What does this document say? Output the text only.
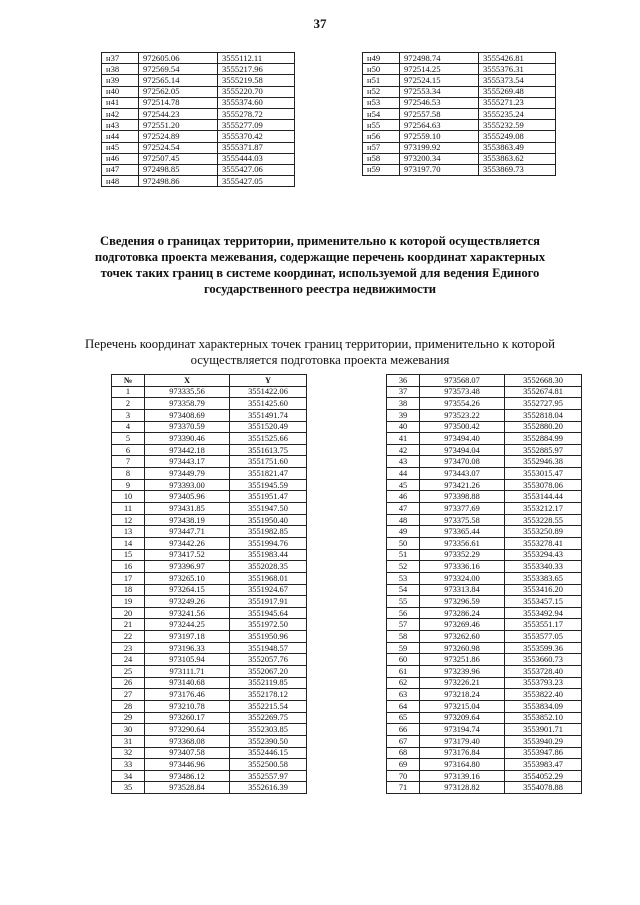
37
н37	972605.06	3555112.11
н38	972569.54	3555217.96
н39	972565.14	3555219.58
н40	972562.05	3555220.70
н41	972514.78	3555374.60
н42	972544.23	3555278.72
н43	972551.20	3555277.09
н44	972524.89	3555370.42
н45	972524.54	3555371.87
н46	972507.45	3555444.03
н47	972498.85	3555427.06
н48	972498.86	3555427.05
н49	972498.74	3555426.81
н50	972514.25	3555376.31
н51	972524.15	3555373.54
н52	972553.34	3555269.48
н53	972546.53	3555271.23
н54	972557.58	3555235.24
н55	972564.63	3555232.59
н56	972559.10	3555249.08
н57	973199.92	3553863.49
н58	973200.34	3553863.62
н59	973197.70	3553869.73
Сведения о границах территории, применительно к которой осуществляется подготовка проекта межевания, содержащие перечень координат характерных точек таких границ в системе координат, используемой для ведения Единого государственного реестра недвижимости
Перечень координат характерных точек границ территории, применительно к которой осуществляется подготовка проекта межевания
№	X	Y
1	973335.56	3551422.06
2	973358.79	3551425.60
3	973408.69	3551491.74
4	973370.59	3551520.49
5	973390.46	3551525.66
6	973442.18	3551613.75
7	973443.17	3551751.60
8	973449.79	3551821.47
9	973393.00	3551945.59
10	973405.96	3551951.47
11	973431.85	3551947.50
12	973438.19	3551950.40
13	973447.71	3551982.85
14	973442.26	3551994.76
15	973417.52	3551983.44
16	973396.97	3552028.35
17	973265.10	3551968.01
18	973264.15	3551924.67
19	973249.26	3551917.91
20	973241.56	3551945.64
21	973244.25	3551972.50
22	973197.18	3551950.96
23	973196.33	3551948.57
24	973105.94	3552057.76
25	973111.71	3552067.20
26	973140.68	3552119.85
27	973176.46	3552178.12
28	973210.78	3552215.54
29	973260.17	3552269.75
30	973290.64	3552303.85
31	973368.08	3552390.50
32	973407.58	3552446.15
33	973446.96	3552500.58
34	973486.12	3552557.97
35	973528.84	3552616.39
36	973568.07	3552668.30
37	973573.48	3552674.81
38	973554.26	3552727.95
39	973523.22	3552818.04
40	973500.42	3552880.20
41	973494.40	3552884.99
42	973494.04	3552885.97
43	973470.08	3552946.38
44	973443.07	3553015.47
45	973421.26	3553078.06
46	973398.88	3553144.44
47	973377.69	3553212.17
48	973375.58	3553228.55
49	973365.44	3553250.89
50	973356.61	3553278.41
51	973352.29	3553294.43
52	973336.16	3553340.33
53	973324.00	3553383.65
54	973313.84	3553416.20
55	973296.59	3553457.15
56	973286.24	3553492.94
57	973269.46	3553551.17
58	973262.60	3553577.05
59	973260.98	3553599.36
60	973251.86	3553660.73
61	973239.96	3553728.40
62	973226.21	3553793.23
63	973218.24	3553822.40
64	973215.04	3553834.09
65	973209.64	3553852.10
66	973194.74	3553901.71
67	973179.40	3553940.29
68	973176.84	3553947.86
69	973164.80	3553983.47
70	973139.16	3554052.29
71	973128.82	3554078.88
